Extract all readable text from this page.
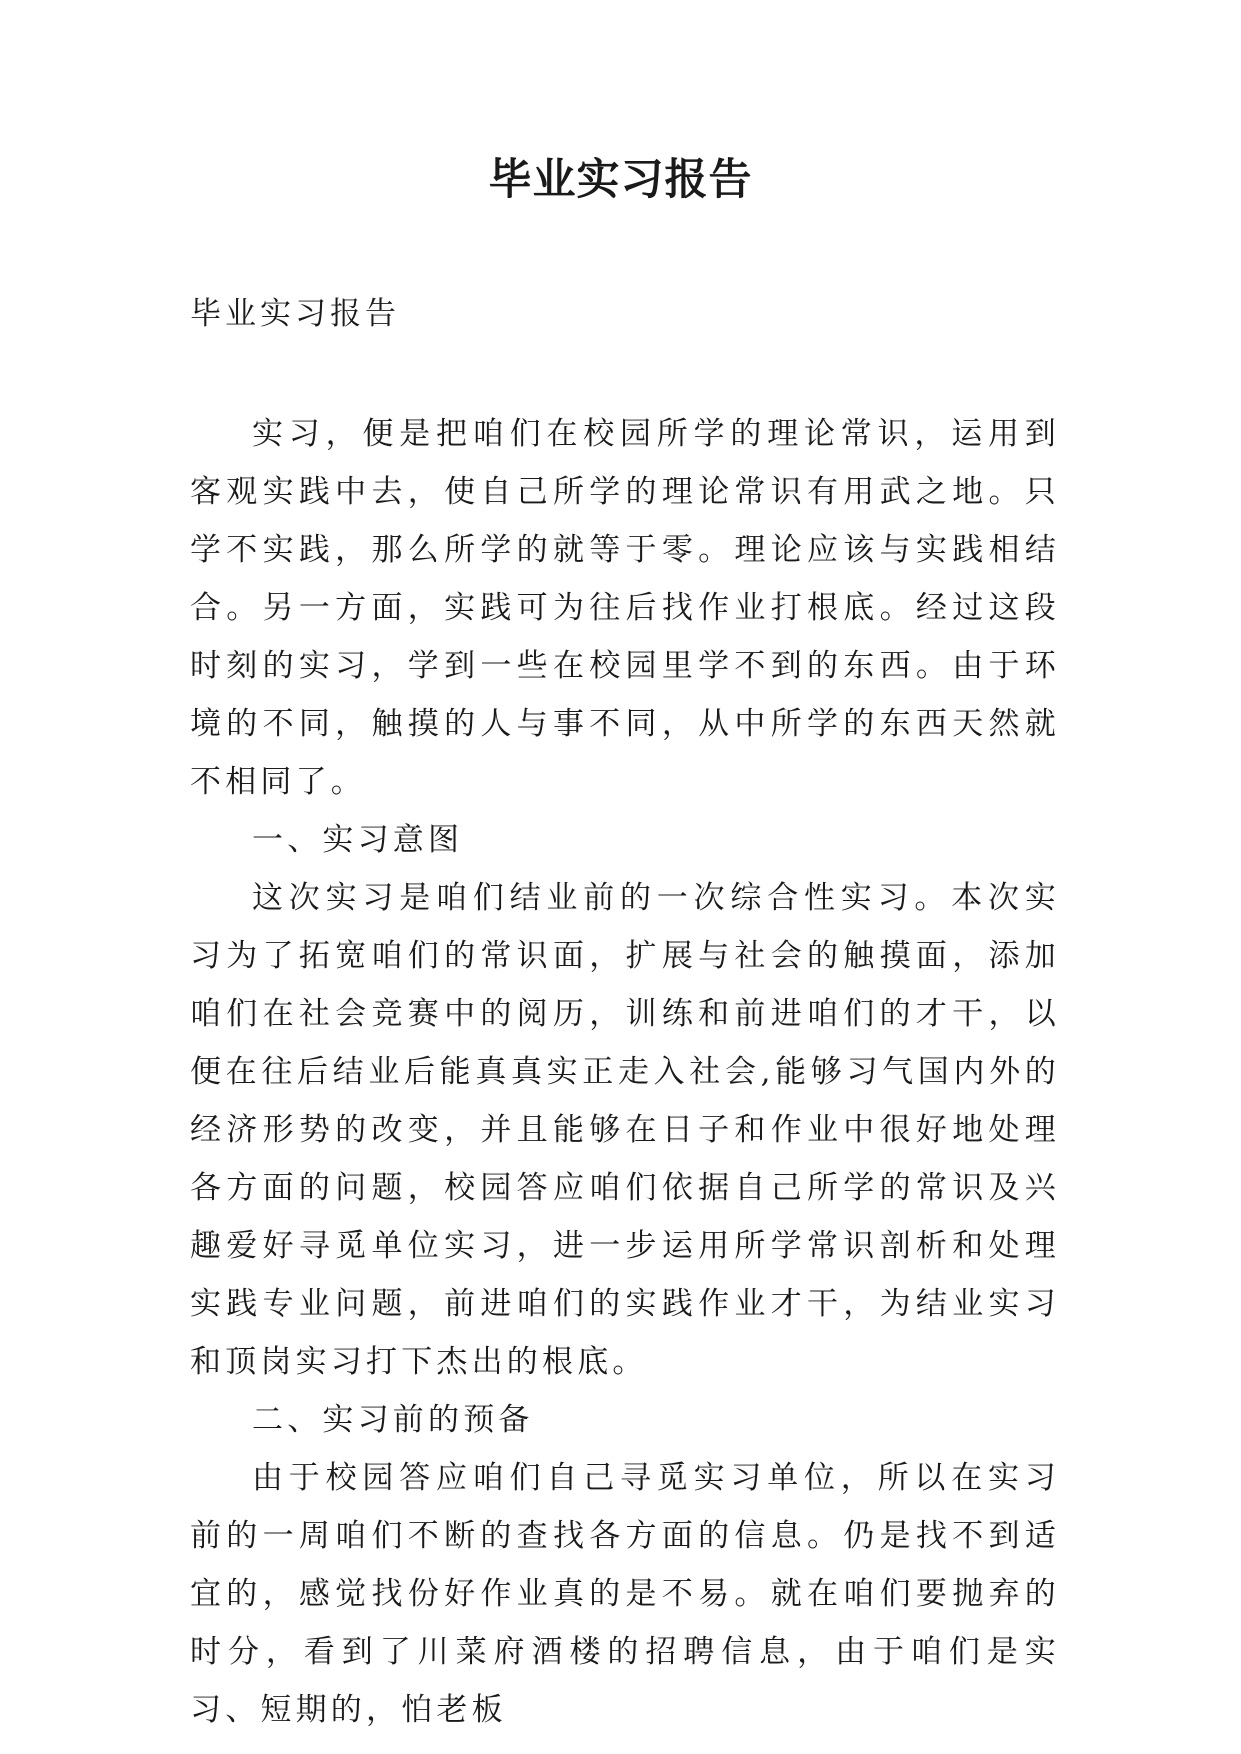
毕业实习报告

毕业实习报告

实习，便是把咱们在校园所学的理论常识，运用到客观实践中去，使自己所学的理论常识有用武之地。只学不实践，那么所学的就等于零。理论应该与实践相结合。另一方面，实践可为往后找作业打根底。经过这段时刻的实习，学到一些在校园里学不到的东西。由于环境的不同，触摸的人与事不同，从中所学的东西天然就不相同了。

一、实习意图

这次实习是咱们结业前的一次综合性实习。本次实习为了拓宽咱们的常识面，扩展与社会的触摸面，添加咱们在社会竞赛中的阅历，训练和前进咱们的才干，以便在往后结业后能真真实正走入社会,能够习气国内外的经济形势的改变，并且能够在日子和作业中很好地处理各方面的问题，校园答应咱们依据自己所学的常识及兴趣爱好寻觅单位实习，进一步运用所学常识剖析和处理实践专业问题，前进咱们的实践作业才干，为结业实习和顶岗实习打下杰出的根底。

二、实习前的预备

由于校园答应咱们自己寻觅实习单位，所以在实习前的一周咱们不断的查找各方面的信息。仍是找不到适宜的，感觉找份好作业真的是不易。就在咱们要抛弃的时分，看到了川菜府酒楼的招聘信息，由于咱们是实习、短期的，怕老板
